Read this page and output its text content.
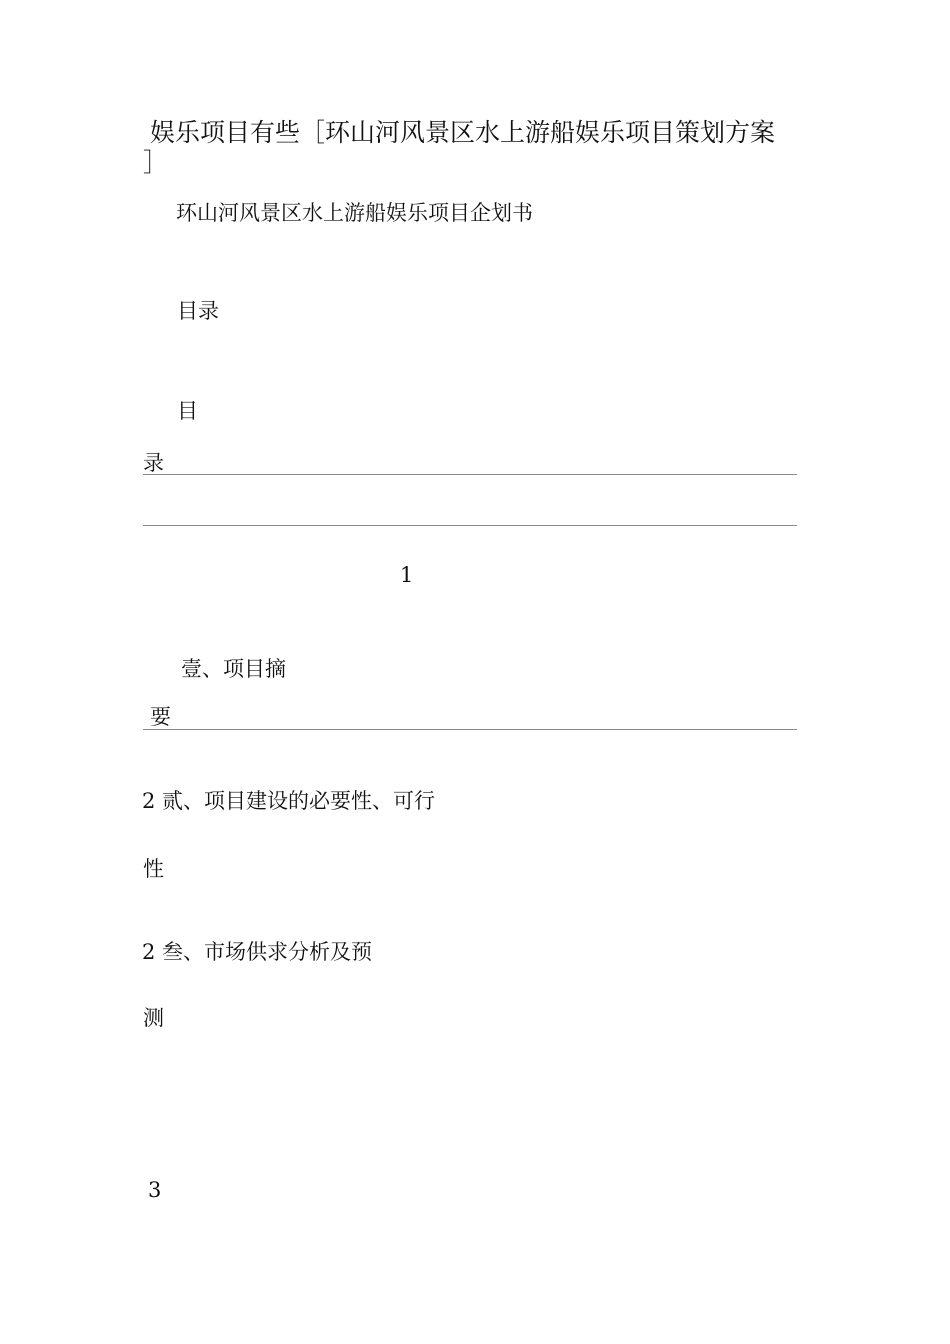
娱乐项目有些［环山河风景区水上游船娱乐项目策划方案
］
环山河风景区水上游船娱乐项目企划书
目录
目
录
1
壹、项目摘
要
2 贰、项目建设的必要性、可行
性
2 叁、市场供求分析及预
测
3
